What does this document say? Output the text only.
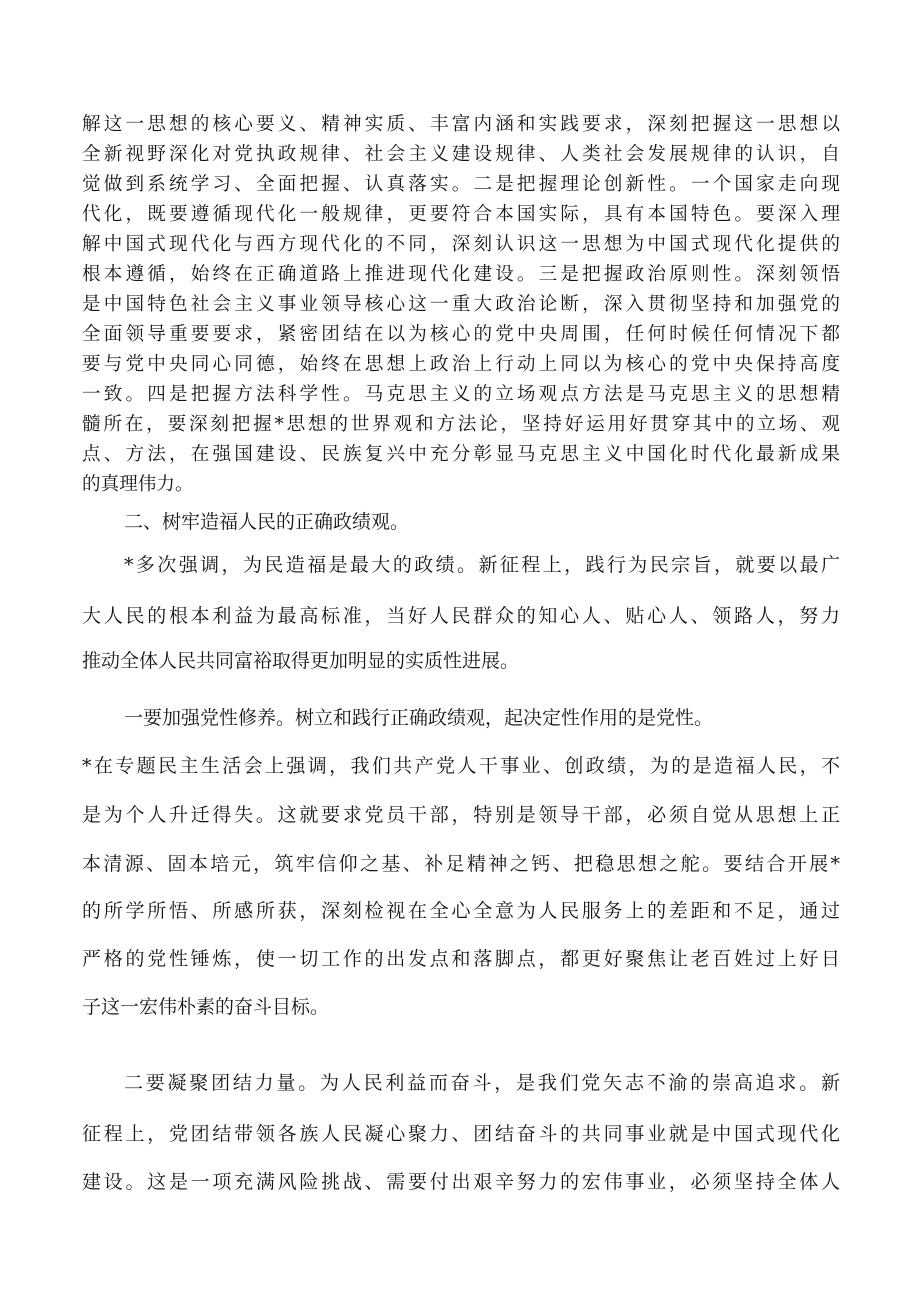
解这一思想的核心要义、精神实质、丰富内涵和实践要求，深刻把握这一思想以
全新视野深化对党执政规律、社会主义建设规律、人类社会发展规律的认识，自
觉做到系统学习、全面把握、认真落实。二是把握理论创新性。一个国家走向现
代化，既要遵循现代化一般规律，更要符合本国实际，具有本国特色。要深入理
解中国式现代化与西方现代化的不同，深刻认识这一思想为中国式现代化提供的
根本遵循，始终在正确道路上推进现代化建设。三是把握政治原则性。深刻领悟
是中国特色社会主义事业领导核心这一重大政治论断，深入贯彻坚持和加强党的
全面领导重要要求，紧密团结在以为核心的党中央周围，任何时候任何情况下都
要与党中央同心同德，始终在思想上政治上行动上同以为核心的党中央保持高度
一致。四是把握方法科学性。马克思主义的立场观点方法是马克思主义的思想精
髓所在，要深刻把握*思想的世界观和方法论，坚持好运用好贯穿其中的立场、观
点、方法，在强国建设、民族复兴中充分彰显马克思主义中国化时代化最新成果
的真理伟力。
二、树牢造福人民的正确政绩观。
*多次强调，为民造福是最大的政绩。新征程上，践行为民宗旨，就要以最广
大人民的根本利益为最高标准，当好人民群众的知心人、贴心人、领路人，努力
推动全体人民共同富裕取得更加明显的实质性进展。
一要加强党性修养。树立和践行正确政绩观，起决定性作用的是党性。
*在专题民主生活会上强调，我们共产党人干事业、创政绩，为的是造福人民，不
是为个人升迁得失。这就要求党员干部，特别是领导干部，必须自觉从思想上正
本清源、固本培元，筑牢信仰之基、补足精神之钙、把稳思想之舵。要结合开展*
的所学所悟、所感所获，深刻检视在全心全意为人民服务上的差距和不足，通过
严格的党性锤炼，使一切工作的出发点和落脚点，都更好聚焦让老百姓过上好日
子这一宏伟朴素的奋斗目标。
二要凝聚团结力量。为人民利益而奋斗，是我们党矢志不渝的崇高追求。新
征程上，党团结带领各族人民凝心聚力、团结奋斗的共同事业就是中国式现代化
建设。这是一项充满风险挑战、需要付出艰辛努力的宏伟事业，必须坚持全体人
